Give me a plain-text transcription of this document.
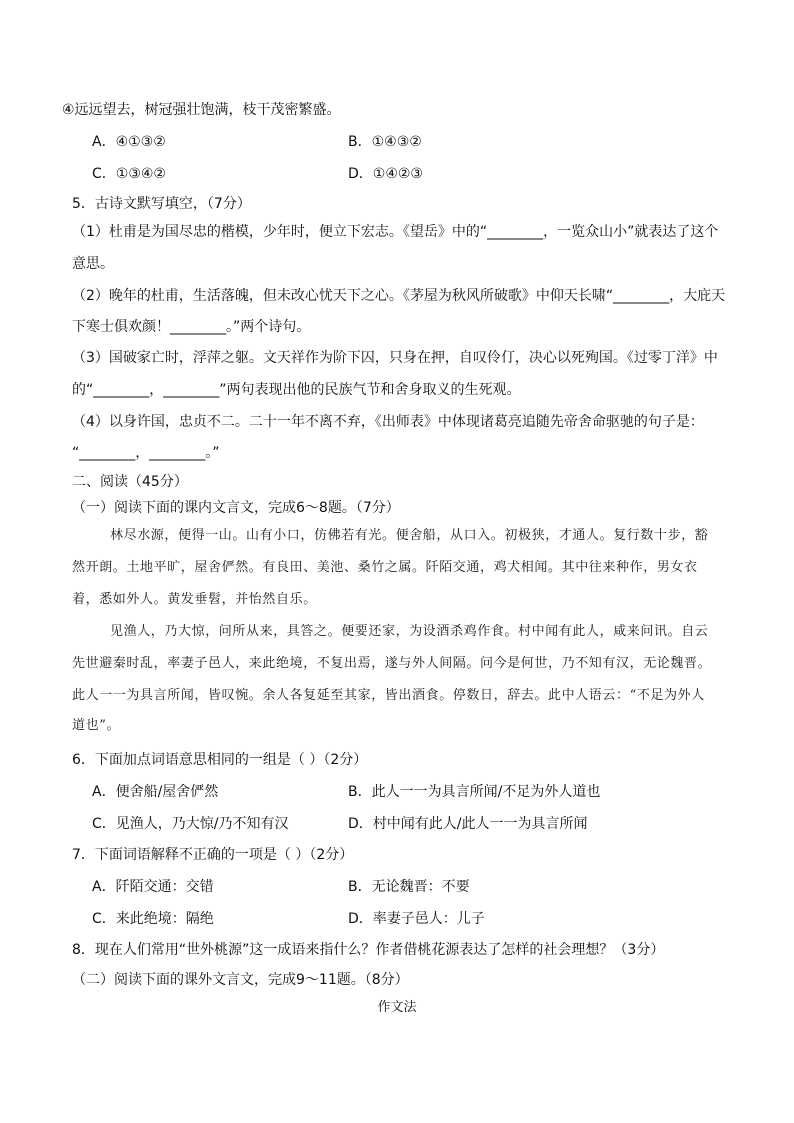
④远远望去，树冠强壮饱满，枝干茂密繁盛。
A．④①③②	B．①④③②
C．①③④②	D．①④②③
5．古诗文默写填空，（7分）
（1）杜甫是为国尽忠的楷模，少年时，便立下宏志。《望岳》中的“________，一览众山小”就表达了这个
意思。
（2）晚年的杜甫，生活落魄，但未改心忧天下之心。《茅屋为秋风所破歌》中仰天长啸“________，大庇天
下寒士俱欢颜！________。”两个诗句。
（3）国破家亡时，浮萍之躯。文天祥作为阶下囚，只身在押，自叹伶仃，决心以死殉国。《过零丁洋》中
的“________，________”两句表现出他的民族气节和舍身取义的生死观。
（4）以身许国，忠贞不二。二十一年不离不弃，《出师表》中体现诸葛亮追随先帝舍命驱驰的句子是：
“________，________。”
二、阅读（45分）
（一）阅读下面的课内文言文，完成6～8题。（7分）
林尽水源，便得一山。山有小口，仿佛若有光。便舍船，从口入。初极狭，才通人。复行数十步，豁
然开朗。土地平旷，屋舍俨然。有良田、美池、桑竹之属。阡陌交通，鸡犬相闻。其中往来种作，男女衣
着，悉如外人。黄发垂髫，并怡然自乐。
见渔人，乃大惊，问所从来，具答之。便要还家，为设酒杀鸡作食。村中闻有此人，咸来问讯。自云
先世避秦时乱，率妻子邑人，来此绝境，不复出焉，遂与外人间隔。问今是何世，乃不知有汉，无论魏晋。
此人一一为具言所闻，皆叹惋。余人各复延至其家，皆出酒食。停数日，辞去。此中人语云：“不足为外人
道也”。
6．下面加点词语意思相同的一组是（ ）（2分）
A．便舍船/屋舍俨然	B．此人一一为具言所闻/不足为外人道也
C．见渔人，乃大惊/乃不知有汉	D．村中闻有此人/此人一一为具言所闻
7．下面词语解释不正确的一项是（ ）（2分）
A．阡陌交通：交错	B．无论魏晋：不要
C．来此绝境：隔绝	D．率妻子邑人：儿子
8．现在人们常用“世外桃源”这一成语来指什么？作者借桃花源表达了怎样的社会理想？（3分）
（二）阅读下面的课外文言文，完成9～11题。（8分）
作文法
